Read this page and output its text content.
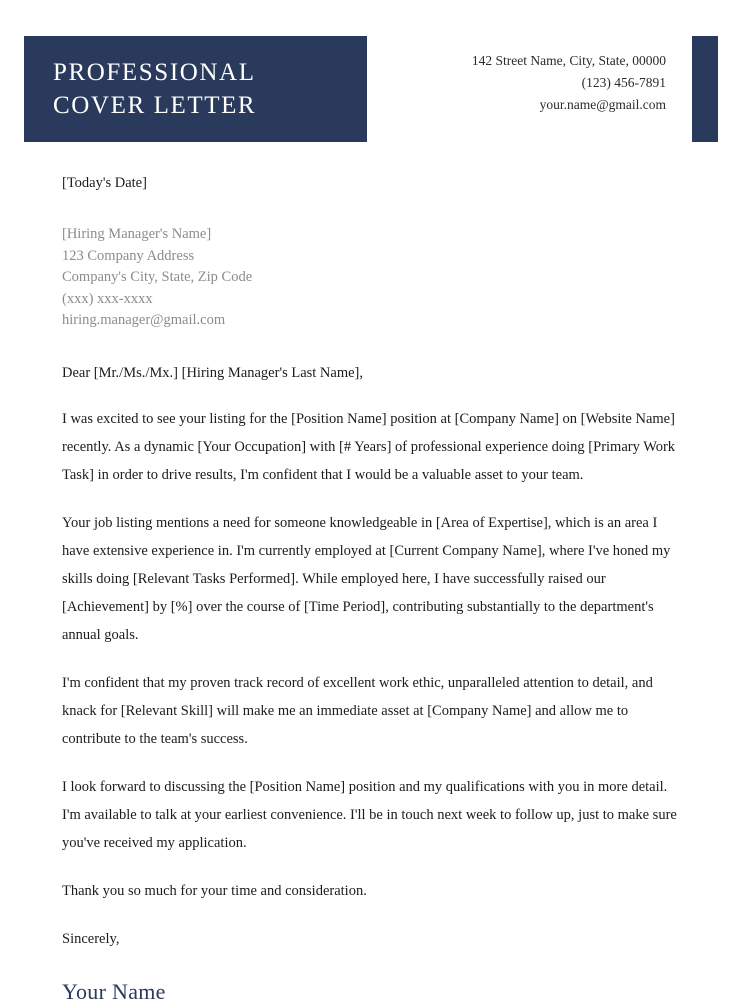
PROFESSIONAL
COVER LETTER
142 Street Name, City, State, 00000
(123) 456-7891
your.name@gmail.com
[Today's Date]
[Hiring Manager's Name]
123 Company Address
Company's City, State, Zip Code
(xxx) xxx-xxxx
hiring.manager@gmail.com
Dear [Mr./Ms./Mx.] [Hiring Manager's Last Name],

I was excited to see your listing for the [Position Name] position at [Company Name] on [Website Name] recently. As a dynamic [Your Occupation] with [# Years] of professional experience doing [Primary Work Task] in order to drive results, I'm confident that I would be a valuable asset to your team.

Your job listing mentions a need for someone knowledgeable in [Area of Expertise], which is an area I have extensive experience in. I'm currently employed at [Current Company Name], where I've honed my skills doing [Relevant Tasks Performed]. While employed here, I have successfully raised our [Achievement] by [%] over the course of [Time Period], contributing substantially to the department's annual goals.

I'm confident that my proven track record of excellent work ethic, unparalleled attention to detail, and knack for [Relevant Skill] will make me an immediate asset at [Company Name] and allow me to contribute to the team's success.

I look forward to discussing the [Position Name] position and my qualifications with you in more detail. I'm available to talk at your earliest convenience. I'll be in touch next week to follow up, just to make sure you've received my application.

Thank you so much for your time and consideration.

Sincerely,

Your Name
